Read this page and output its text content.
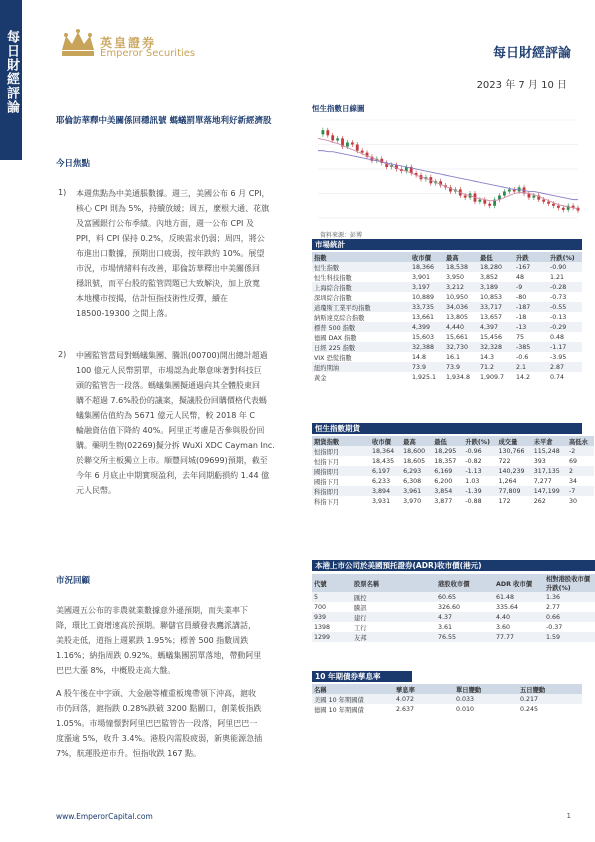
每日財經評論	英皇證券
Emperor Securities	每日財經評論
2023 年 7 月 10 日
耶倫訪華釋中美關係回穩訊號 螞蟻罰單落地利好新經濟股
今日焦點
1) 本週焦點為中美通脹數據。週三，美國公布 6 月 CPI，
核心 CPI 則為 5%，持續放緩；周五，麼根大通、花旗
及富國銀行公布季績。內地方面，週一公布 CPI 及
PPI，料 CPI 保持 0.2%，反映需求仍弱；周四，將公
布進出口數據，預期出口疲弱，按年跌約 10%。展望
市況，市場情緒料有改善，耶倫訪華釋出中美關係回
穩訊號，而平台股的監管問題已大致解決，加上放寬
本地樓市按揭，估計恒指技術性反彈，續在
18500-19300 之間上落。
2) 中國監管當局對螞蟻集團、騰訊(00700)開出總計超過
100 億元人民幣罰單，市場認為此舉意味著對科技巨
頭的監管告一段落。螞蟻集團擬通過向其全體股東回
購不超過 7.6%股份的議案，擬議股份回購價格代表螞
蟻集團估值約為 5671 億元人民幣，較 2018 年 C
輪融資估值下降約 40%。阿里正考慮是否參與股份回
購。藥明生物(02269)擬分拆 WuXi XDC Cayman Inc.
於聯交所主板獨立上市。順豐同城(09699)預期，截至
今年 6 月底止中期實現盈利，去年同期虧損約 1.44 億
元人民幣。
市況回顧
美國週五公布的非農就業數據意外遜預期，而失業率下
降，環比工資增速高於預期。聯儲官員續發表鷹派講話，
美股走低，道指上週累跌 1.95%；標普 500 指數周跌
1.16%；納指周跌 0.92%。螞蟻集團罰單落地，帶動阿里
巴巴大漲 8%，中概股走高大盤。
A 股午後在中字頭、大金融等權重板塊帶領下沖高，滬收
市仍回落，滬指跌 0.28%跌破 3200 點關口，創業板指跌
1.05%。市場憧憬對阿里巴巴監管告一段落，阿里巴巴一
度漲逾 5%，收升 3.4%。港股內需股疲弱，新奧能源急插
7%，航運股逆市升。恒指收跌 167 點。
恒生指數日線圖
資料來源：彭博
市場統計
指數	收市價	最高	最低	升跌	升跌(%)
恒生指數	18,366	18,538	18,280	-167	-0.90
恒生科技指數	3,901	3,950	3,852	48	1.21
上海綜合指數	3,197	3,212	3,189	-9	-0.28
深圳綜合指數	10,889	10,950	10,853	-80	-0.73
道瓊斯工業平均指數	33,735	34,036	33,717	-187	-0.55
納斯達克綜合指數	13,661	13,805	13,657	-18	-0.13
標普 500 指數	4,399	4,440	4,397	-13	-0.29
德國 DAX 指數	15,603	15,661	15,456	75	0.48
日經 225 指數	32,388	32,730	32,328	-385	-1.17
VIX 恐慌指數	14.8	16.1	14.3	-0.6	-3.95
紐約期油	73.9	73.9	71.2	2.1	2.87
黃金	1,925.1	1,934.8	1,909.7	14.2	0.74
恒生指數期貨
期貨指數	收市價	最高	最低	升跌(%)	成交量	未平倉	高低水
恒指即月	18,364	18,600	18,295	-0.96	130,766	115,248	-2
恒指下月	18,435	18,605	18,357	-0.82	722	393	69
國指即月	6,197	6,293	6,169	-1.13	140,239	317,135	2
國指下月	6,233	6,308	6,200	1.03	1,264	7,277	34
科指即月	3,894	3,961	3,854	-1.39	77,809	147,199	-7
科指下月	3,931	3,970	3,877	-0.88	172	262	30
本港上市公司於美國預托證券(ADR)收市價(港元)
代號	股票名稱	港股收市價	ADR 收市價	相對港股收市價升跌(%)
5	匯控	60.65	61.48	1.36
700	騰訊	326.60	335.64	2.77
939	建行	4.37	4.40	0.66
1398	工行	3.61	3.60	-0.37
1299	友邦	76.55	77.77	1.59
10 年期債券孳息率
名稱	孳息率	單日變動	五日變動
美國 10 年期國債	4.072	0.033	0.217
德國 10 年期國債	2.637	0.010	0.245
www.EmperorCapital.com	1
